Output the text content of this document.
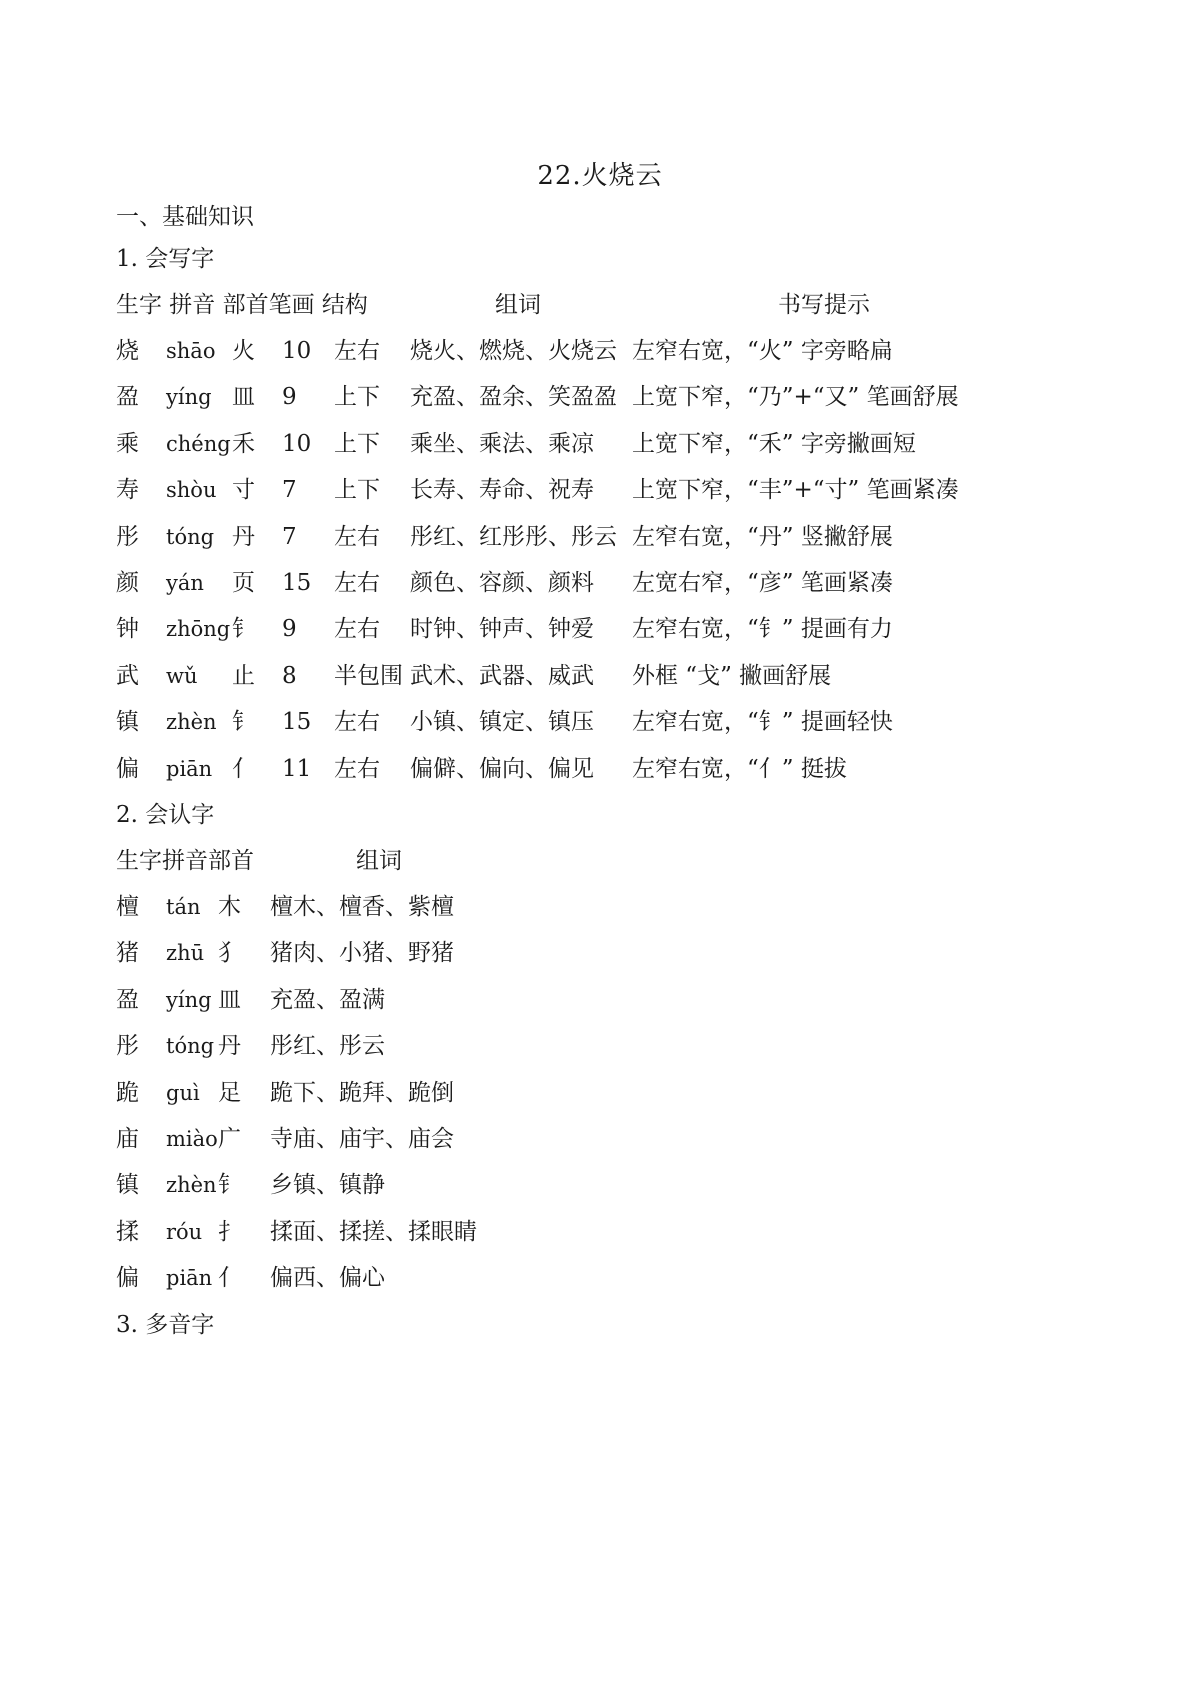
22.火烧云
一、基础知识
1. 会写字
生字 拼音 部首笔画 结构	组词	书写提示
烧 shāo 火 10 左右 烧火、燃烧、火烧云 左窄右宽，“火” 字旁略扁
盈 yíng 皿 9 上下 充盈、盈余、笑盈盈 上宽下窄，“乃”+“又” 笔画舒展
乘 chéng 禾 10 上下 乘坐、乘法、乘凉 上宽下窄，“禾” 字旁撇画短
寿 shòu 寸 7 上下 长寿、寿命、祝寿 上宽下窄，“丰”+“寸” 笔画紧凑
彤 tóng 丹 7 左右 彤红、红彤彤、彤云 左窄右宽，“丹” 竖撇舒展
颜 yán 页 15 左右 颜色、容颜、颜料 左宽右窄，“彦” 笔画紧凑
钟 zhōng 钅 9 左右 时钟、钟声、钟爱 左窄右宽，“钅” 提画有力
武 wǔ 止 8 半包围 武术、武器、威武 外框 “戈” 撇画舒展
镇 zhèn 钅 15 左右 小镇、镇定、镇压 左窄右宽，“钅” 提画轻快
偏 piān 亻 11 左右 偏僻、偏向、偏见 左窄右宽，“亻” 挺拔
2. 会认字
生字拼音部首	组词
檀 tán 木 檀木、檀香、紫檀
猪 zhū 犭 猪肉、小猪、野猪
盈 yíng 皿 充盈、盈满
彤 tóng 丹 彤红、彤云
跪 guì 足 跪下、跪拜、跪倒
庙 miào 广 寺庙、庙宇、庙会
镇 zhèn 钅 乡镇、镇静
揉 róu 扌 揉面、揉搓、揉眼睛
偏 piān 亻 偏西、偏心
3. 多音字
